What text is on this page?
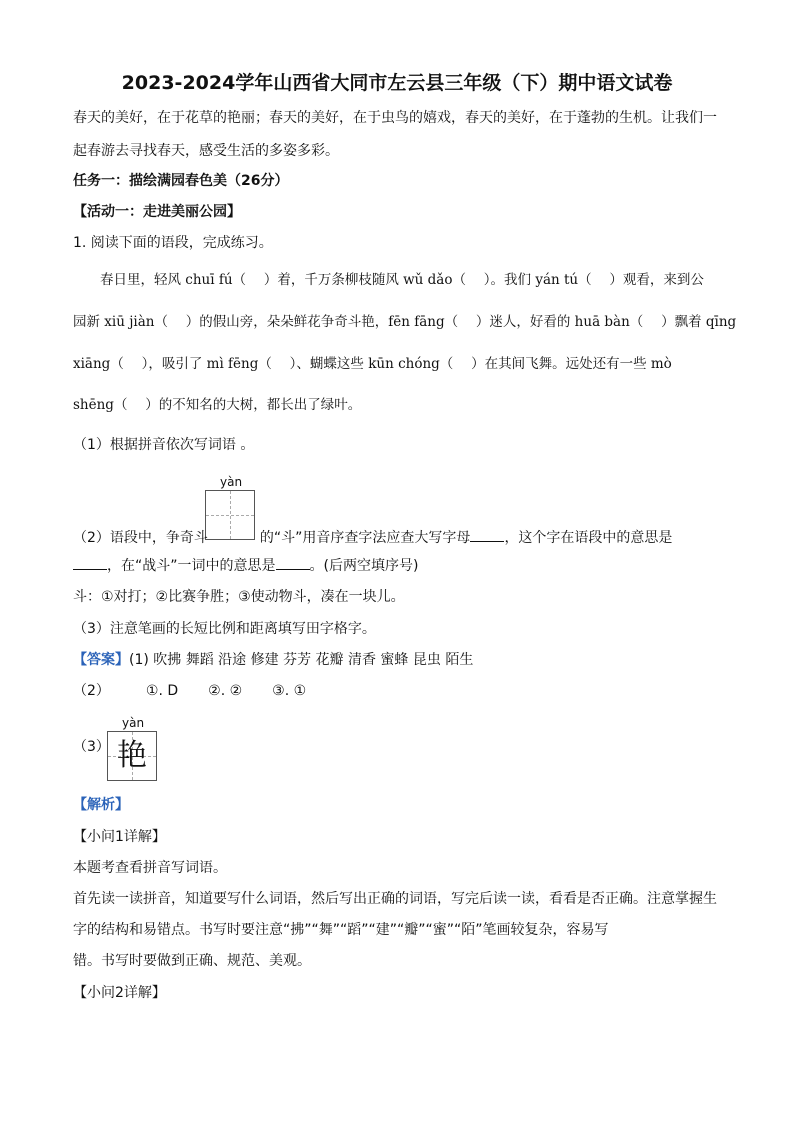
2023-2024学年山西省大同市左云县三年级（下）期中语文试卷
春天的美好，在于花草的艳丽；春天的美好，在于虫鸟的嬉戏，春天的美好，在于蓬勃的生机。让我们一
起春游去寻找春天，感受生活的多姿多彩。
任务一：描绘满园春色美（26分）
【活动一：走进美丽公园】
1. 阅读下面的语段，完成练习。
春日里，轻风 chuī fú（　 ）着，千万条柳枝随风 wǔ dǎo（　 ）。我们 yán tú（　 ）观看，来到公
园新 xiū jiàn（　 ）的假山旁，朵朵鲜花争奇斗艳，fēn fāng（　 ）迷人，好看的 huā bàn（　 ）飘着 qīng
xiāng（　 ），吸引了 mì fēng（　 ）、蝴蝶这些 kūn chóng（　 ）在其间飞舞。远处还有一些 mò
shēng（　 ）的不知名的大树，都长出了绿叶。
（1）根据拼音依次写词语 。
yàn
（2）语段中，争奇斗	的“斗”用音序查字法应查大写字母 ，这个字在语段中的意思是
，在“战斗”一词中的意思是 。(后两空填序号)
斗：①对打；②比赛争胜；③使动物斗，凑在一块儿。
（3）注意笔画的长短比例和距离填写田字格字。
【答案】(1) 吹拂 舞蹈 沿途 修建 芬芳 花瓣 清香 蜜蜂 昆虫 陌生
（2）	①. D ②. ② ③. ①
（3）
yàn
艳
【解析】
【小问1详解】
本题考查看拼音写词语。
首先读一读拼音，知道要写什么词语，然后写出正确的词语，写完后读一读，看看是否正确。注意掌握生
字的结构和易错点。书写时要注意“拂”“舞”“蹈”“建”“瓣”“蜜”“陌”笔画较复杂，容易写
错。书写时要做到正确、规范、美观。
【小问2详解】
